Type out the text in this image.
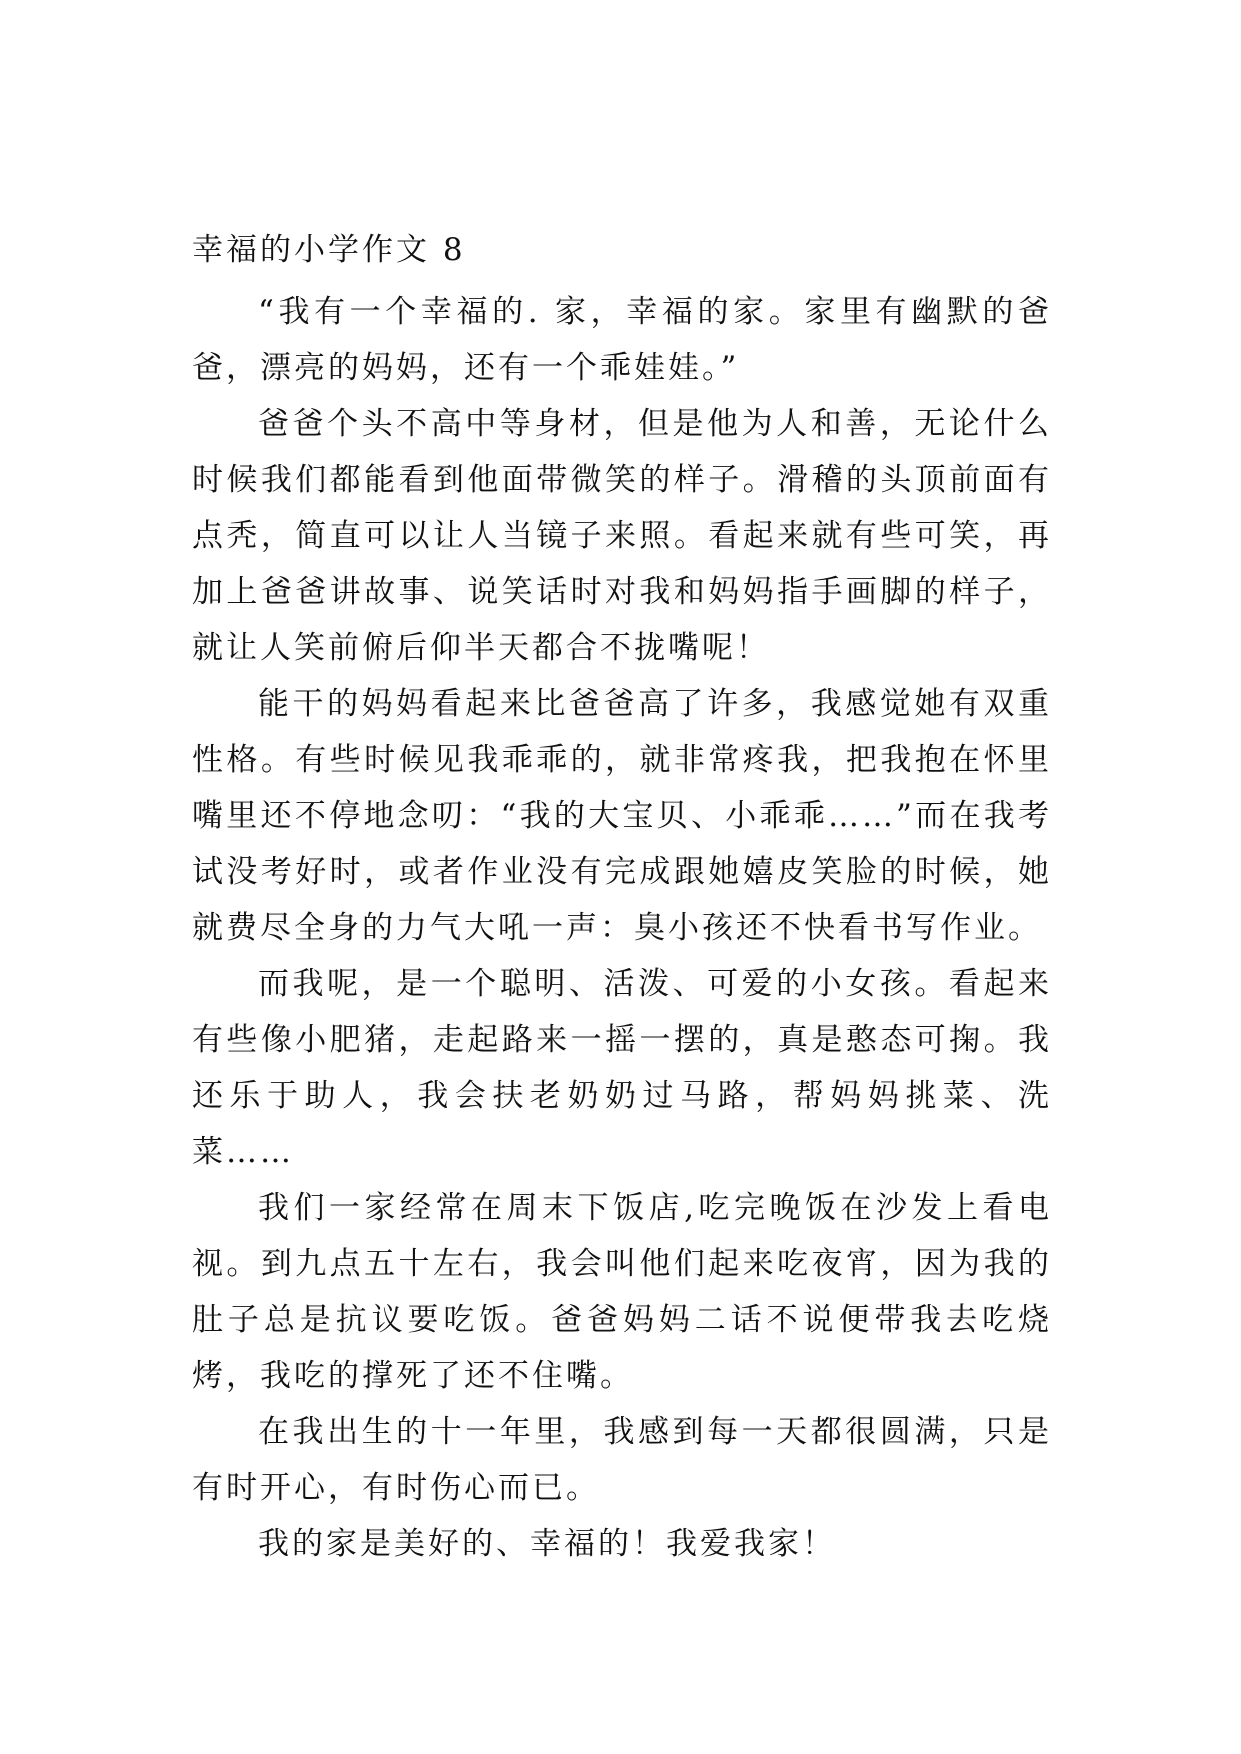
幸福的小学作文 8

“我有一个幸福的. 家，幸福的家。家里有幽默的爸爸，漂亮的妈妈，还有一个乖娃娃。”

爸爸个头不高中等身材，但是他为人和善，无论什么时候我们都能看到他面带微笑的样子。滑稽的头顶前面有点秃，简直可以让人当镜子来照。看起来就有些可笑，再加上爸爸讲故事、说笑话时对我和妈妈指手画脚的样子，就让人笑前俯后仰半天都合不拢嘴呢！

能干的妈妈看起来比爸爸高了许多，我感觉她有双重性格。有些时候见我乖乖的，就非常疼我，把我抱在怀里嘴里还不停地念叨：“我的大宝贝、小乖乖……”而在我考试没考好时，或者作业没有完成跟她嬉皮笑脸的时候，她就费尽全身的力气大吼一声：臭小孩还不快看书写作业。

而我呢，是一个聪明、活泼、可爱的小女孩。看起来有些像小肥猪，走起路来一摇一摆的，真是憨态可掬。我还乐于助人，我会扶老奶奶过马路，帮妈妈挑菜、洗菜……

我们一家经常在周末下饭店,吃完晚饭在沙发上看电视。到九点五十左右，我会叫他们起来吃夜宵，因为我的肚子总是抗议要吃饭。爸爸妈妈二话不说便带我去吃烧烤，我吃的撑死了还不住嘴。

在我出生的十一年里，我感到每一天都很圆满，只是有时开心，有时伤心而已。

我的家是美好的、幸福的！我爱我家！
